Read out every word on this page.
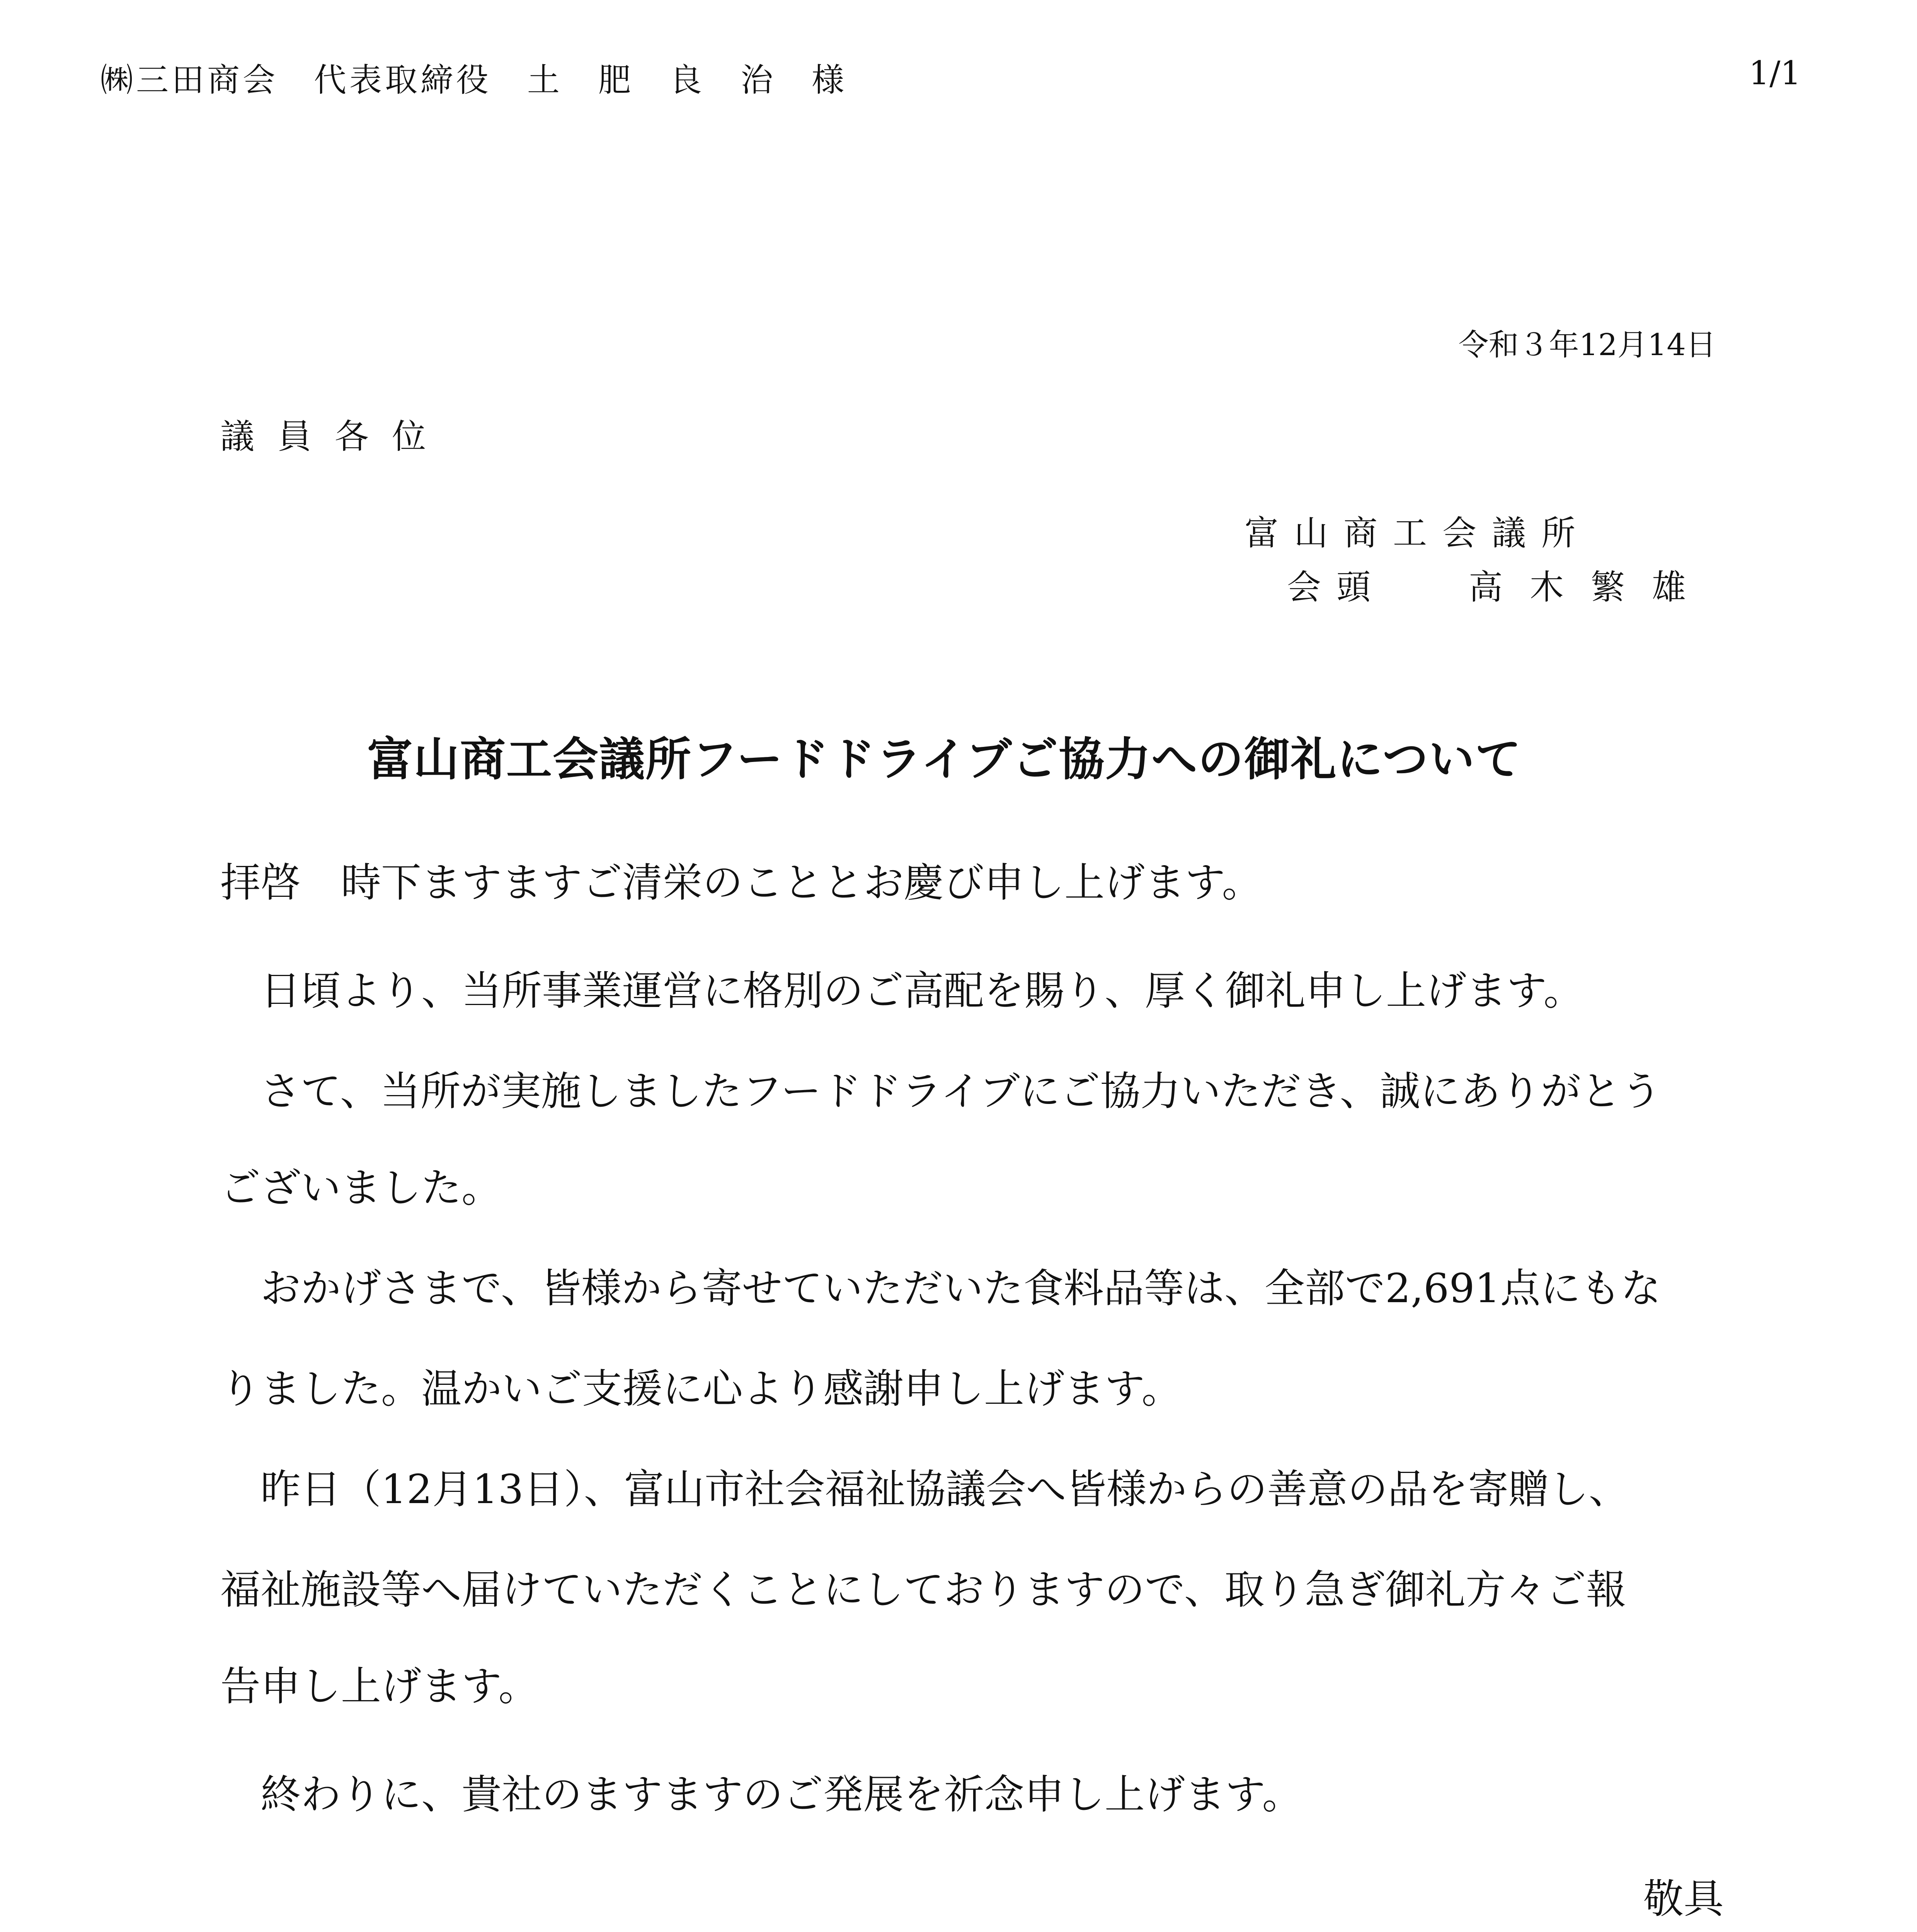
㈱三田商会　代表取締役　土　肥　良　治　様	1/1
令和３年12月14日
議員各位
富山商工会議所
会頭 高木繁雄
富山商工会議所フードドライブご協力への御礼について
拝啓　時下ますますご清栄のこととお慶び申し上げます。
　日頃より、当所事業運営に格別のご高配を賜り、厚く御礼申し上げます。
　さて、当所が実施しましたフードドライブにご協力いただき、誠にありがとう
ございました。
　おかげさまで、皆様から寄せていただいた食料品等は、全部で2,691点にもな
りました。温かいご支援に心より感謝申し上げます。
　昨日（12月13日）、富山市社会福祉協議会へ皆様からの善意の品を寄贈し、
福祉施設等へ届けていただくことにしておりますので、取り急ぎ御礼方々ご報
告申し上げます。
　終わりに、貴社のますますのご発展を祈念申し上げます。
敬具
